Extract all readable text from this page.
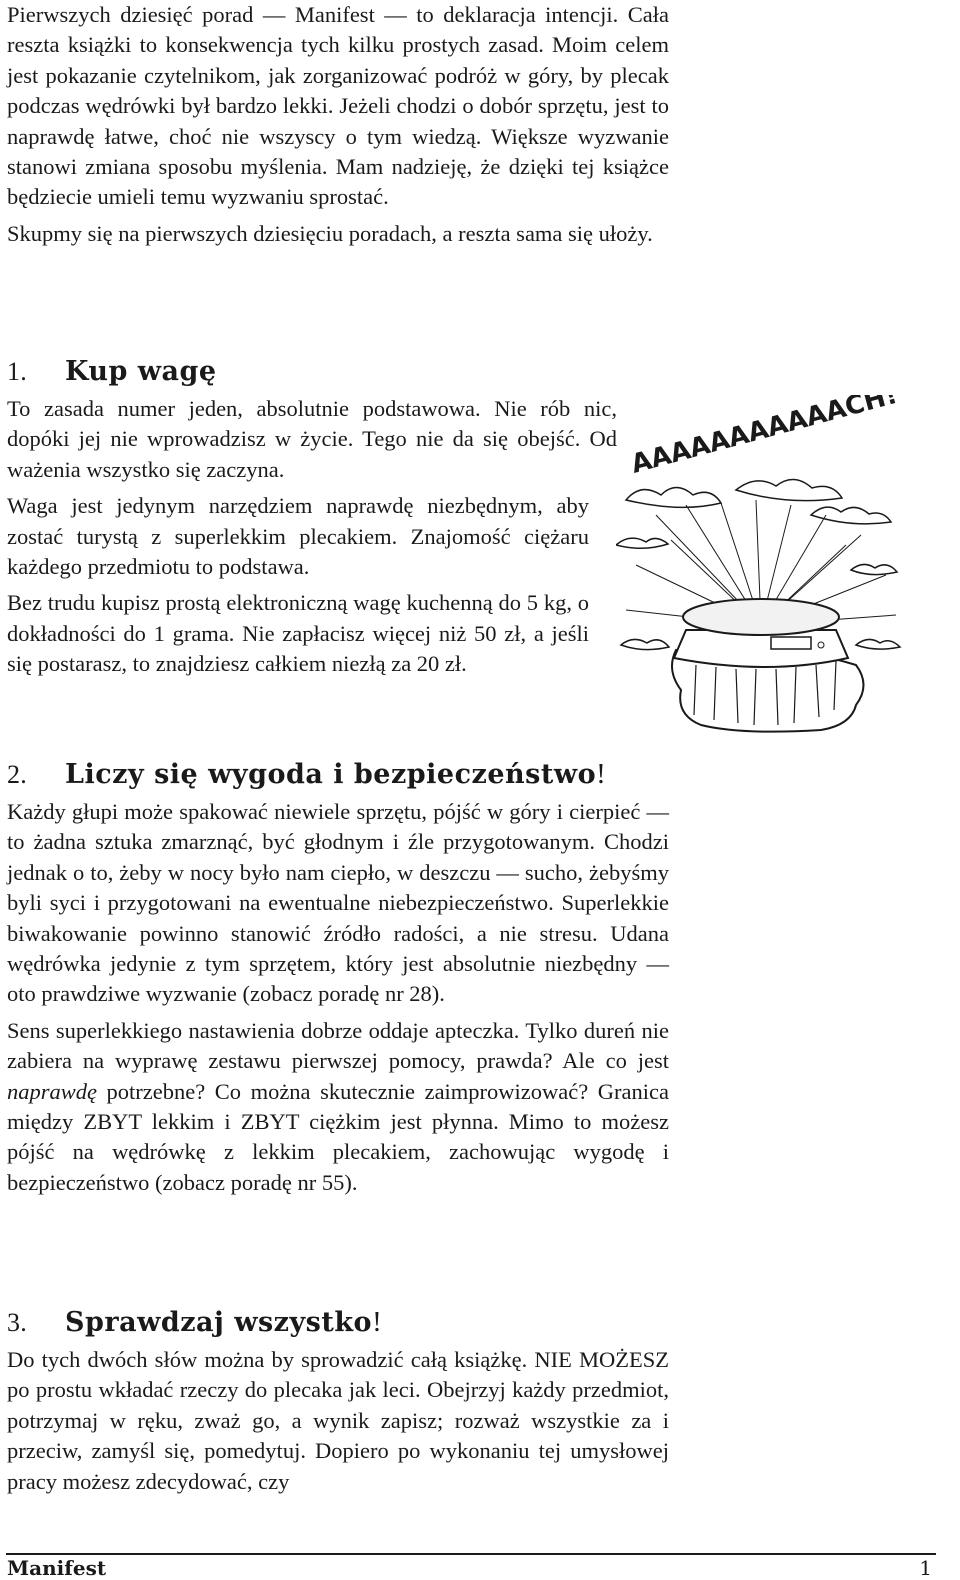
Pierwszych dziesięć porad — Manifest — to deklaracja intencji. Cała reszta książki to konsekwencja tych kilku prostych zasad. Moim celem jest pokazanie czytelnikom, jak zorganizować podróż w góry, by plecak podczas wędrówki był bardzo lekki. Jeżeli chodzi o dobór sprzętu, jest to naprawdę łatwe, choć nie wszyscy o tym wiedzą. Większe wyzwanie stanowi zmiana sposobu myślenia. Mam nadzieję, że dzięki tej książce będziecie umieli temu wyzwaniu sprostać.

Skupmy się na pierwszych dziesięciu poradach, a reszta sama się ułoży.

1. Kup wagę

To zasada numer jeden, absolutnie podstawowa. Nie rób nic, dopóki jej nie wprowadzisz w życie. Tego nie da się obejść. Od ważenia wszystko się zaczyna.

Waga jest jedynym narzędziem naprawdę niezbędnym, aby zostać turystą z superlekkim plecakiem. Znajomość ciężaru każdego przedmiotu to podstawa.

Bez trudu kupisz prostą elektroniczną wagę kuchenną do 5 kg, o dokładności do 1 grama. Nie zapłacisz więcej niż 50 zł, a jeśli się postarasz, to znajdziesz całkiem niezłą za 20 zł.

AAAAAAAAAAACH!
2. Liczy się wygoda i bezpieczeństwo!

Każdy głupi może spakować niewiele sprzętu, pójść w góry i cierpieć — to żadna sztuka zmarznąć, być głodnym i źle przygotowanym. Chodzi jednak o to, żeby w nocy było nam ciepło, w deszczu — sucho, żebyśmy byli syci i przygotowani na ewentualne niebezpieczeństwo. Superlekkie biwakowanie powinno stanowić źródło radości, a nie stresu. Udana wędrówka jedynie z tym sprzętem, który jest absolutnie niezbędny — oto prawdziwe wyzwanie (zobacz poradę nr 28).

Sens superlekkiego nastawienia dobrze oddaje apteczka. Tylko dureń nie zabiera na wyprawę zestawu pierwszej pomocy, prawda? Ale co jest naprawdę potrzebne? Co można skutecznie zaimprowizować? Granica między ZBYT lekkim i ZBYT ciężkim jest płynna. Mimo to możesz pójść na wędrówkę z lekkim plecakiem, zachowując wygodę i bezpieczeństwo (zobacz poradę nr 55).

3. Sprawdzaj wszystko!

Do tych dwóch słów można by sprowadzić całą książkę. NIE MOŻESZ po prostu wkładać rzeczy do plecaka jak leci. Obejrzyj każdy przedmiot, potrzymaj w ręku, zważ go, a wynik zapisz; rozważ wszystkie za i przeciw, zamyśl się, pomedytuj. Dopiero po wykonaniu tej umysłowej pracy możesz zdecydować, czy

Manifest	1
